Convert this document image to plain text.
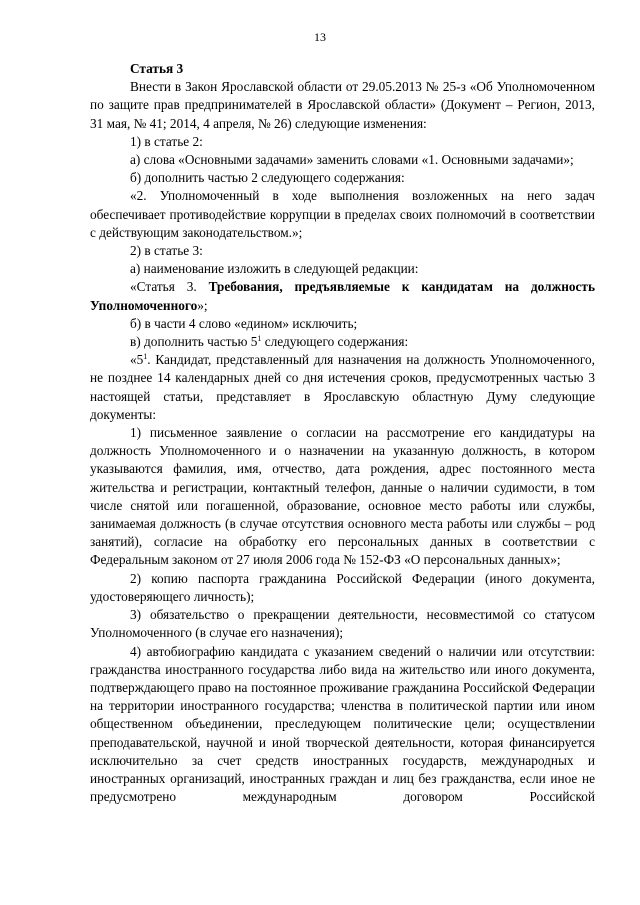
13

Статья 3

Внести в Закон Ярославской области от 29.05.2013 № 25-з «Об Уполномоченном по защите прав предпринимателей в Ярославской области» (Документ – Регион, 2013, 31 мая, № 41; 2014, 4 апреля, № 26) следующие изменения:

1) в статье 2:

а) слова «Основными задачами» заменить словами «1. Основными задачами»;

б) дополнить частью 2 следующего содержания:

«2. Уполномоченный в ходе выполнения возложенных на него задач обеспечивает противодействие коррупции в пределах своих полномочий в соответствии с действующим законодательством.»;

2) в статье 3:

а) наименование изложить в следующей редакции:

«Статья 3. Требования, предъявляемые к кандидатам на должность Уполномоченного»;

б) в части 4 слово «едином» исключить;

в) дополнить частью $5^1$ следующего содержания:

«$5^1$. Кандидат, представленный для назначения на должность Уполномоченного, не позднее 14 календарных дней со дня истечения сроков, предусмотренных частью 3 настоящей статьи, представляет в Ярославскую областную Думу следующие документы:

1) письменное заявление о согласии на рассмотрение его кандидатуры на должность Уполномоченного и о назначении на указанную должность, в котором указываются фамилия, имя, отчество, дата рождения, адрес постоянного места жительства и регистрации, контактный телефон, данные о наличии судимости, в том числе снятой или погашенной, образование, основное место работы или службы, занимаемая должность (в случае отсутствия основного места работы или службы – род занятий), согласие на обработку его персональных данных в соответствии с Федеральным законом от 27 июля 2006 года № 152-ФЗ «О персональных данных»;

2) копию паспорта гражданина Российской Федерации (иного документа, удостоверяющего личность);

3) обязательство о прекращении деятельности, несовместимой со статусом Уполномоченного (в случае его назначения);

4) автобиографию кандидата с указанием сведений о наличии или отсутствии: гражданства иностранного государства либо вида на жительство или иного документа, подтверждающего право на постоянное проживание гражданина Российской Федерации на территории иностранного государства; членства в политической партии или ином общественном объединении, преследующем политические цели; осуществлении преподавательской, научной и иной творческой деятельности, которая финансируется исключительно за счет средств иностранных государств, международных и иностранных организаций, иностранных граждан и лиц без гражданства, если иное не предусмотрено международным договором Российской
